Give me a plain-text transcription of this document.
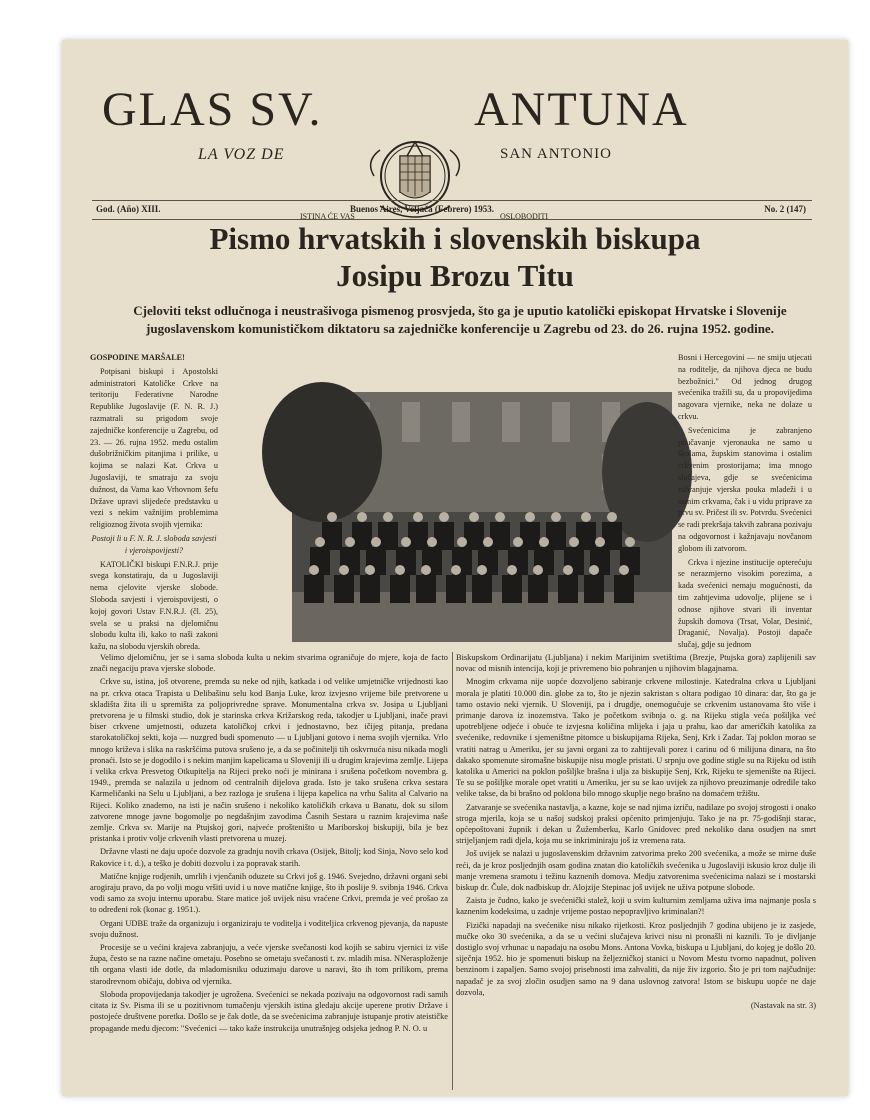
GLAS SV.	ANTUNA
LA VOZ DE	SAN ANTONIO
ISTINA ĆE VAS	OSLOBODITI
God. (Año) XIII.	Buenos Aires, Veljača (Febrero) 1953.	No. 2 (147)
Pismo hrvatskih i slovenskih biskupa
Josipu Brozu Titu
Cjeloviti tekst odlučnoga i neustrašivoga pismenog prosvjeda, što ga je uputio katolički episkopat Hrvatske i Slovenije jugoslavenskom komunističkom diktatoru sa zajedničke konferencije u Zagrebu od 23. do 26. rujna 1952. godine.

GOSPODINE MARŠALE!

Potpisani biskupi i Apostolski administratori Katoličke Crkve na teritoriju Federativne Narodne Republike Jugoslavije (F. N. R. J.) razmatrali su prigodom svoje zajedničke konferencije u Zagrebu, od 23. — 26. rujna 1952. među ostalim dušobrižničkim pitanjima i prilike, u kojima se nalazi Kat. Crkva u Jugoslaviji, te smatraju za svoju dužnost, da Vama kao Vrhovnom šefu Države upravi slijedeće predstavku u vezi s nekim važnijim problemima religioznog života svojih vjernika:

Postoji li u F. N. R. J. sloboda savjesti i vjeroispovijesti?

KATOLIČKI biskupi F.N.R.J. prije svega konstatiraju, da u Jugoslaviji nema cjelovite vjerske slobode. Sloboda savjesti i vjeroispovijesti, o kojoj govori Ustav F.N.R.J. (čl. 25), svela se u praksi na djelomičnu slobodu kulta ili, kako to naši zakoni kažu, na slobodu vjerskih obreda.

Bosni i Hercegovini — ne smiju utjecati na roditelje, da njihova djeca ne budu bezbožnici." Od jednog drugog svećenika tražili su, da u propovijedima nagovara vjernike, neka ne dolaze u crkvu.

Svećenicima je zabranjeno poučavanje vjeronauka ne samo u školama, župskim stanovima i ostalim crkvenim prostorijama; ima mnogo slučajeva, gdje se svećenicima zabranjuje vjerska pouka mladeži i u samim crkvama, čak i u vidu priprave za prvu sv. Pričest ili sv. Potvrdu. Svećenici se radi prekršaja takvih zabrana pozivaju na odgovornost i kažnjavaju novčanom globom ili zatvorom.

Crkva i njezine institucije opterećuju se nerazmjerno visokim porezima, a kada svećenici nemaju mogućnosti, da tim zahtjevima udovolje, plijene se i odnose njihove stvari ili inventar župskih domova (Trsat, Volar, Desinić, Draganić, Novalja). Postoji dapače slučaj, gdje su jednom

Velimo djelomičnu, jer se i sama sloboda kulta u nekim stvarima ograničuje do mjere, koja de facto znači negaciju prava vjerske slobode.

Crkve su, istina, još otvorene, premda su neke od njih, katkada i od velike umjetničke vrijednosti kao na pr. crkva otaca Trapista u Delibašinu selu kod Banja Luke, kroz izvjesno vrijeme bile pretvorene u skladišta žita ili u spremišta za poljoprivredne sprave. Monumentalna crkva sv. Josipa u Ljubljani pretvorena je u filmski studio, dok je starinska crkva Križarskog reda, takodjer u Ljubljani, inače pravi biser crkvene umjetnosti, oduzeta katoličkoj crkvi i jednostavno, bez ičijeg pitanja, predana starokatoličkoj sekti, koja — nuzgred budi spomenuto — u Ljubljani gotovo i nema svojih vjernika. Vrlo mnogo križeva i slika na raskršćima putova srušeno je, a da se počinitelji tih oskvrnuća nisu nikada mogli pronaći. Isto se je dogodilo i s nekim manjim kapelicama u Sloveniji ili u drugim krajevima zemlje. Lijepa i velika crkva Presvetog Otkupitelja na Rijeci preko noći je minirana i srušena početkom novembra g. 1949., premda se nalazila u jednom od centralnih dijelova grada. Isto je tako srušena crkva sestara Karmeličanki na Selu u Ljubljani, a bez razloga je srušena i lijepa kapelica na vrhu Salita al Calvario na Rijeci. Koliko znademo, na isti je način srušeno i nekoliko katoličkih crkava u Banatu, dok su silom zatvorene mnoge javne bogomolje po negdašnjim zavodima Časnih Sestara u raznim krajevima naše zemlje. Crkva sv. Marije na Ptujskoj gori, najveće prošteništo u Mariborskoj biskupiji, bila je bez pristanka i protiv volje crkvenih vlasti pretvorena u muzej.

Državne vlasti ne daju upoće dozvole za gradnju novih crkava (Osijek, Bitolj; kod Sinja, Novo selo kod Rakovice i t. d.), a teško je dobiti dozvolu i za popravak starih.

Matične knjige rodjenih, umrlih i vjenčanih oduzete su Crkvi još g. 1946. Svejedno, državni organi sebi arogiraju pravo, da po volji mogu vršiti uvid i u nove matične knjige, što ih poslije 9. svibnja 1946. Crkva vodi samo za svoju internu uporabu. Stare matice još uvijek nisu vraćene Crkvi, premda je već prošao za to određeni rok (konac g. 1951.).

Organi UDBE traže da organizuju i organiziraju te voditelja i voditeljica crkvenog pjevanja, da napuste svoju dužnost.

Procesije se u većini krajeva zabranjuju, a veće vjerske svečanosti kod kojih se sabiru vjernici iz više župa, često se na razne načine ometaju. Posebno se ometaju svečanosti t. zv. mladih misa. NNerasploženje tih organa vlasti ide dotle, da mladomisniku oduzimaju darove u naravi, što ih tom prilikom, prema starodrevnom običaju, dobiva od vjernika.

Sloboda propovijedanja takodjer je ugrožena. Svećenici se nekada pozivaju na odgovornost radi samih citata iz Sv. Pisma ili se u pozitivnom tumačenju vjerskih istina gledaju akcije uperene protiv Države i postojeće društvene poretka. Došlo se je čak dotle, da se svećenicima zabranjuje istupanje protiv ateističke propagande među djecom: "Svećenici — tako kaže instrukcija unutrašnjeg odsjeka jednog P. N. O. u

Biskupskom Ordinarijatu (Ljubljana) i nekim Marijinim svetištima (Brezje, Ptujska gora) zaplijenili sav novac od misnih intencija, koji je privremeno bio pohranjen u njihovim blagajnama.

Mnogim crkvama nije uopće dozvoljeno sabiranje crkvene milostinje. Katedralna crkva u Ljubljani morala je platiti 10.000 din. globe za to, što je njezin sakristan s oltara podigao 10 dinara: dar, što ga je tamo ostavio neki vjernik. U Sloveniji, pa i drugdje, onemogućuje se crkvenim ustanovama što više i primanje darova iz inozemstva. Tako je početkom svibnja o. g. na Rijeku stigla veća pošiljka već upotrebljene odjeće i obuće te izvjesna količina mlijeka i jaja u prahu, kao dar američkih katolika za svećenike, redovnike i sjemeništne pitomce u biskupijama Rijeka, Senj, Krk i Zadar. Taj poklon morao se vratiti natrag u Ameriku, jer su javni organi za to zahtijevali porez i carinu od 6 milijuna dinara, na što dakako spomenute siromašne biskupije nisu mogle pristati. U srpnju ove godine stigle su na Rijeku od istih katolika u Americi na poklon pošiljke brašna i ulja za biskupije Senj, Krk, Rijeku te sjemenište na Rijeci. Te su se pošiljke morale opet vratiti u Ameriku, jer su se kao uvijek za njihovo preuzimanje odredile tako velike takse, da bi brašno od poklona bilo mnogo skuplje nego brašno na domaćem tržištu.

Zatvaranje se svećenika nastavlja, a kazne, koje se nad njima izriču, nadilaze po svojoj strogosti i onako stroga mjerila, koja se u našoj sudskoj praksi općenito primjenjuju. Tako je na pr. 75-godišnji starac, općepoštovani župnik i dekan u Žužemberku, Karlo Gnidovec pred nekoliko dana osudjen na smrt strijeljanjem radi djela, koja mu se inkriminiraju još iz vremena rata.

Još uvijek se nalazi u jugoslavenskim državnim zatvorima preko 200 svećenika, a može se mirne duše reći, da je kroz posljednjih osam godina znatan dio katoličkih svećenika u Jugoslaviji iskusio kroz dulje ili manje vremena sramotu i težinu kaznenih domova. Medju zatvorenima svećenicima nalazi se i mostarski biskup dr. Čule, dok nadbiskup dr. Alojzije Stepinac još uvijek ne uživa potpune slobode.

Zaista je čudno, kako je svećenički stalež, koji u svim kulturnim zemljama uživa ima najmanje posla s kaznenim kodeksima, u zadnje vrijeme postao nepopravljivo kriminalan?!

Fizički napadaji na svećenike nisu nikako rijetkosti. Kroz posljednjih 7 godina ubijeno je iz zasjede, mučke oko 30 svećenika, a da se u većini slučajeva krivci nisu ni pronašli ni kaznili. To je divljanje dostiglo svoj vrhunac u napadaju na osobu Mons. Antona Vovka, biskupa u Ljubljani, do kojeg je došlo 20. siječnja 1952. bio je spomenuti biskup na željezničkoj stanici u Novom Mestu tvorno napadnut, poliven benzinom i zapaljen. Samo svojoj prisebnosti ima zahvaliti, da nije živ izgorio. Što je pri tom najčudnije: napadač je za svoj zločin osudjen samo na 9 dana uslovnog zatvora! Istom se biskupu uopće ne daje dozvola,

(Nastavak na str. 3)
